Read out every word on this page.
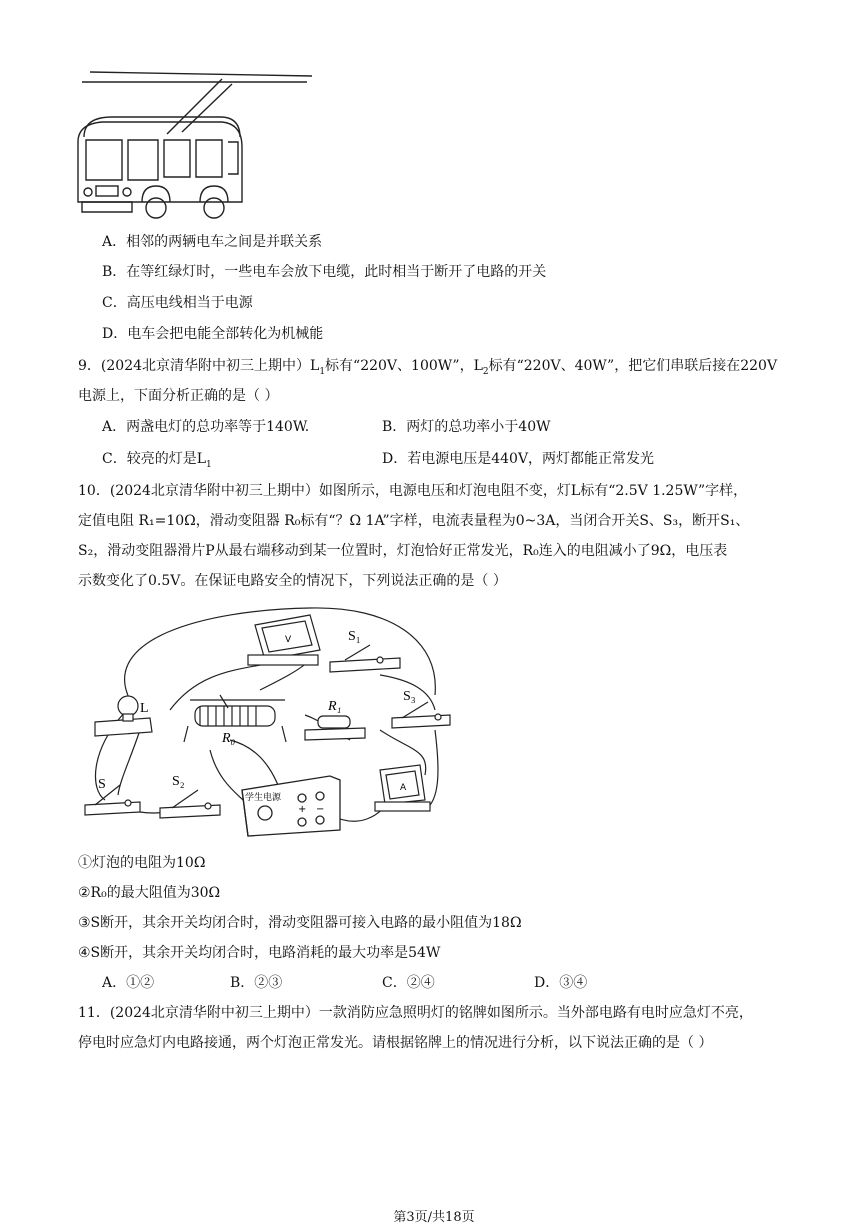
A．相邻的两辆电车之间是并联关系
B．在等红绿灯时，一些电车会放下电缆，此时相当于断开了电路的开关
C．高压电线相当于电源
D．电车会把电能全部转化为机械能
9．(2024北京清华附中初三上期中）$L_1$标有“220V、100W”，$L_2$标有“220V、40W”，把它们串联后接在220V
电源上，下面分析正确的是（ ）
A．两盏电灯的总功率等于140W.	B．两灯的总功率小于40W
C．较亮的灯是$L_1$	D．若电源电压是440V，两灯都能正常发光
10．(2024北京清华附中初三上期中）如图所示，电源电压和灯泡电阻不变，灯L标有“2.5V 1.25W”字样，
定值电阻 R₁=10Ω，滑动变阻器 R₀标有“？Ω 1A”字样，电流表量程为0~3A，当闭合开关S、S₃，断开S₁、
S₂，滑动变阻器滑片P从最右端移动到某一位置时，灯泡恰好正常发光，R₀连入的电阻减小了9Ω，电压表
示数变化了0.5V。在保证电路安全的情况下，下列说法正确的是（ ）
V	S₁
S₃
L
R₀
R₁
S	S₂
学生电源
+ −
A
①灯泡的电阻为10Ω
②R₀的最大阻值为30Ω
③S断开，其余开关均闭合时，滑动变阻器可接入电路的最小阻值为18Ω
④S断开，其余开关均闭合时，电路消耗的最大功率是54W
A．①②	B．②③	C．②④	D．③④
11．(2024北京清华附中初三上期中）一款消防应急照明灯的铭牌如图所示。当外部电路有电时应急灯不亮，
停电时应急灯内电路接通，两个灯泡正常发光。请根据铭牌上的情况进行分析，以下说法正确的是（ ）
第3页/共18页
